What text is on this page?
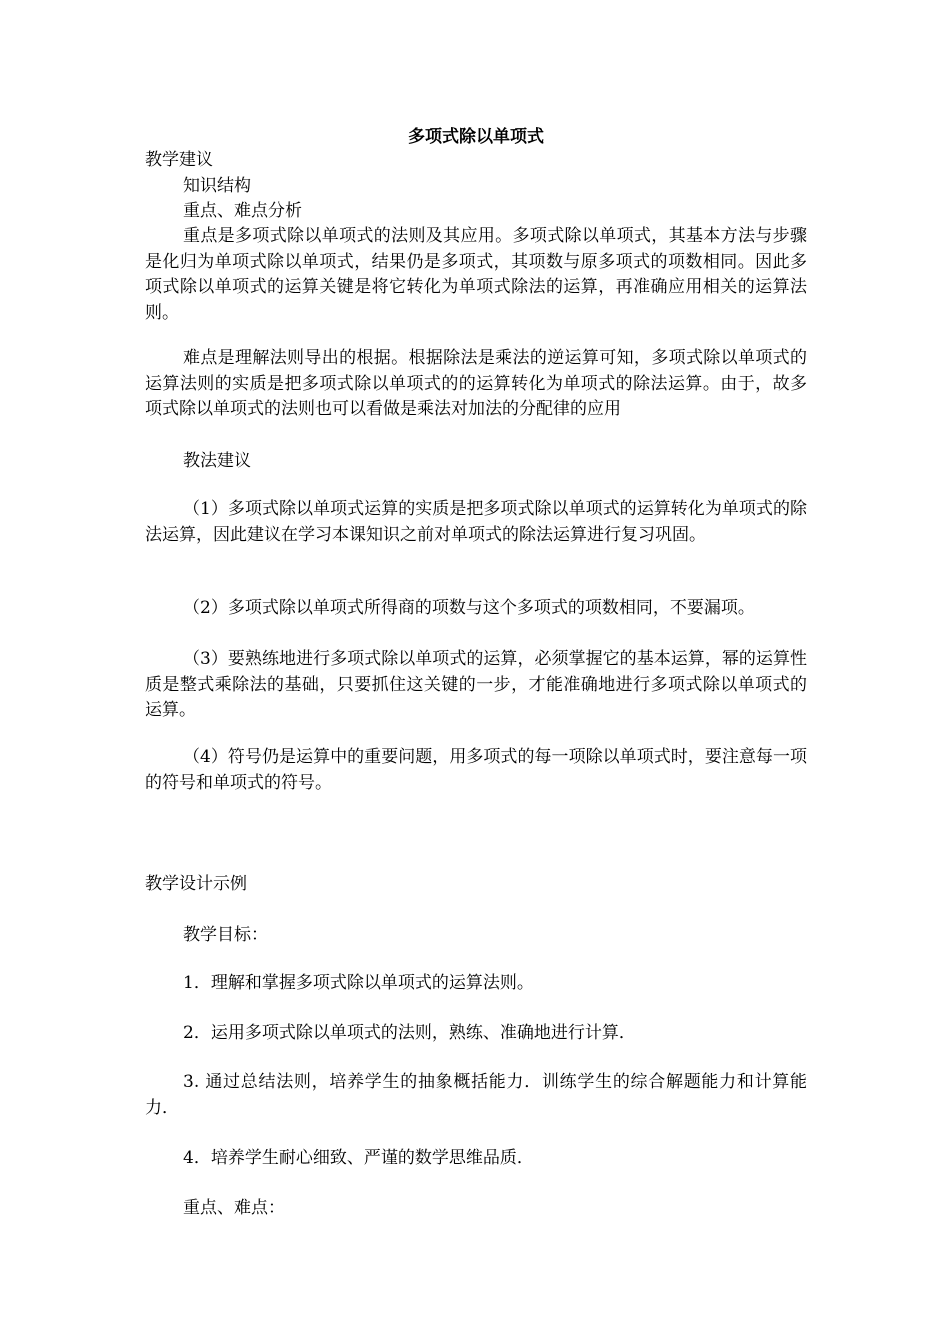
多项式除以单项式
教学建议
知识结构
重点、难点分析
重点是多项式除以单项式的法则及其应用。多项式除以单项式，其基本方法与步骤是化归为单项式除以单项式，结果仍是多项式，其项数与原多项式的项数相同。因此多项式除以单项式的运算关键是将它转化为单项式除法的运算，再准确应用相关的运算法则。
难点是理解法则导出的根据。根据除法是乘法的逆运算可知，多项式除以单项式的运算法则的实质是把多项式除以单项式的的运算转化为单项式的除法运算。由于，故多项式除以单项式的法则也可以看做是乘法对加法的分配律的应用
教法建议
（1）多项式除以单项式运算的实质是把多项式除以单项式的运算转化为单项式的除法运算，因此建议在学习本课知识之前对单项式的除法运算进行复习巩固。
（2）多项式除以单项式所得商的项数与这个多项式的项数相同，不要漏项。
（3）要熟练地进行多项式除以单项式的运算，必须掌握它的基本运算，幂的运算性质是整式乘除法的基础，只要抓住这关键的一步，才能准确地进行多项式除以单项式的运算。
（4）符号仍是运算中的重要问题，用多项式的每一项除以单项式时，要注意每一项的符号和单项式的符号。
教学设计示例
教学目标：
1．理解和掌握多项式除以单项式的运算法则。
2．运用多项式除以单项式的法则，熟练、准确地进行计算．
3. 通过总结法则，培养学生的抽象概括能力．训练学生的综合解题能力和计算能力．
4．培养学生耐心细致、严谨的数学思维品质．
重点、难点：
